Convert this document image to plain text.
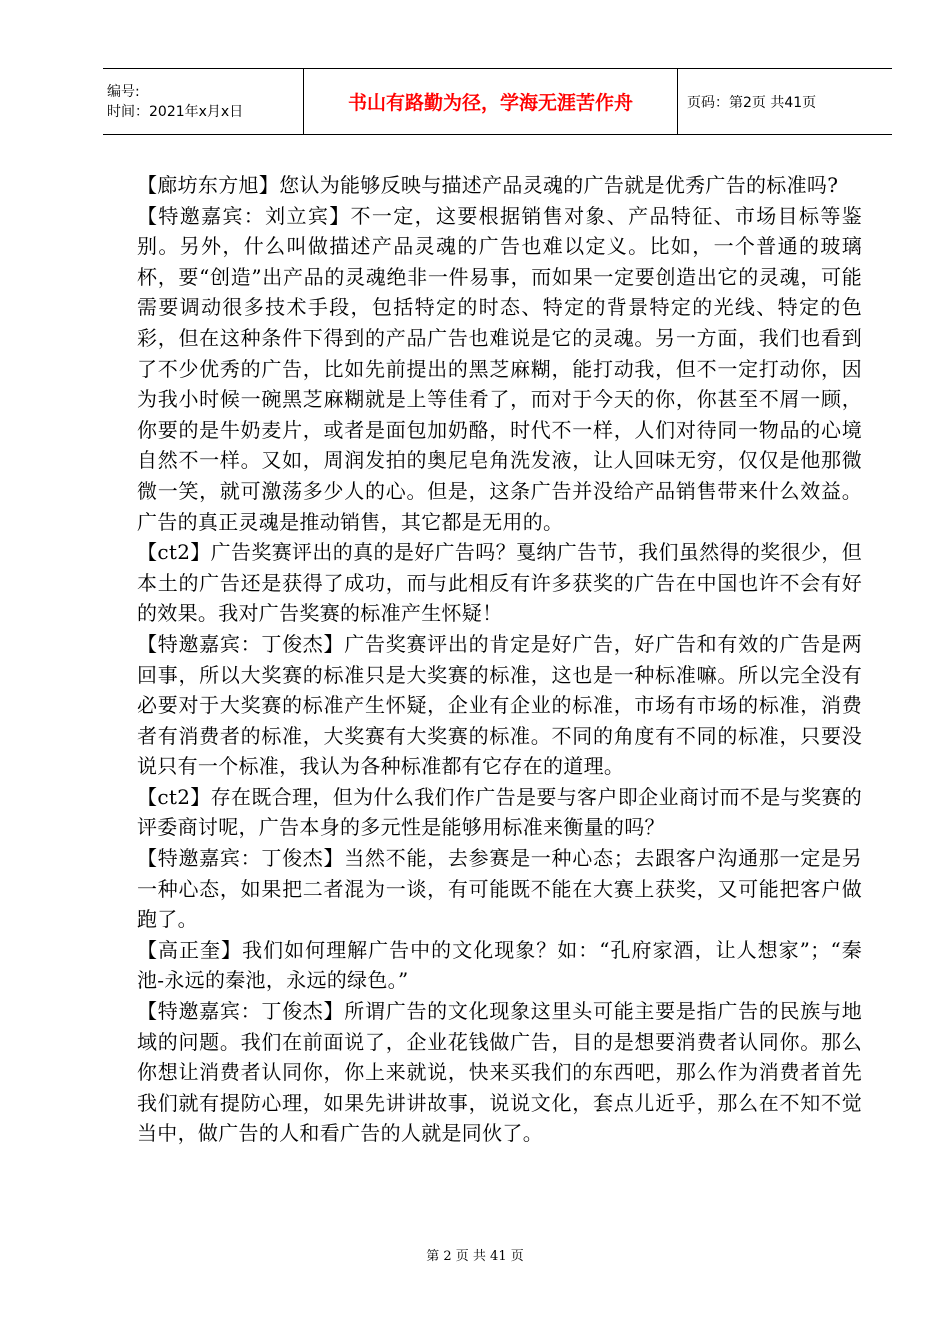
编号:
时间：2021年x月x日	书山有路勤为径，学海无涯苦作舟	页码：第2页 共41页

【廊坊东方旭】您认为能够反映与描述产品灵魂的广告就是优秀广告的标准吗?

【特邀嘉宾：刘立宾】不一定，这要根据销售对象、产品特征、市场目标等鉴别。另外，什么叫做描述产品灵魂的广告也难以定义。比如，一个普通的玻璃杯，要“创造”出产品的灵魂绝非一件易事，而如果一定要创造出它的灵魂，可能需要调动很多技术手段，包括特定的时态、特定的背景特定的光线、特定的色彩，但在这种条件下得到的产品广告也难说是它的灵魂。另一方面，我们也看到了不少优秀的广告，比如先前提出的黑芝麻糊，能打动我，但不一定打动你，因为我小时候一碗黑芝麻糊就是上等佳肴了，而对于今天的你，你甚至不屑一顾，你要的是牛奶麦片，或者是面包加奶酪，时代不一样，人们对待同一物品的心境自然不一样。又如，周润发拍的奥尼皂角洗发液，让人回味无穷，仅仅是他那微微一笑，就可激荡多少人的心。但是，这条广告并没给产品销售带来什么效益。广告的真正灵魂是推动销售，其它都是无用的。

【ct2】广告奖赛评出的真的是好广告吗？戛纳广告节，我们虽然得的奖很少，但本土的广告还是获得了成功，而与此相反有许多获奖的广告在中国也许不会有好的效果。我对广告奖赛的标准产生怀疑！

【特邀嘉宾：丁俊杰】广告奖赛评出的肯定是好广告，好广告和有效的广告是两回事，所以大奖赛的标准只是大奖赛的标准，这也是一种标准嘛。所以完全没有必要对于大奖赛的标准产生怀疑，企业有企业的标准，市场有市场的标准，消费者有消费者的标准，大奖赛有大奖赛的标准。不同的角度有不同的标准，只要没说只有一个标准，我认为各种标准都有它存在的道理。

【ct2】存在既合理，但为什么我们作广告是要与客户即企业商讨而不是与奖赛的评委商讨呢，广告本身的多元性是能够用标准来衡量的吗？

【特邀嘉宾：丁俊杰】当然不能，去参赛是一种心态；去跟客户沟通那一定是另一种心态，如果把二者混为一谈，有可能既不能在大赛上获奖，又可能把客户做跑了。

【高正奎】我们如何理解广告中的文化现象？如：“孔府家酒，让人想家”；“秦池-永远的秦池，永远的绿色。”

【特邀嘉宾：丁俊杰】所谓广告的文化现象这里头可能主要是指广告的民族与地域的问题。我们在前面说了，企业花钱做广告，目的是想要消费者认同你。那么你想让消费者认同你，你上来就说，快来买我们的东西吧，那么作为消费者首先我们就有提防心理，如果先讲讲故事，说说文化，套点儿近乎，那么在不知不觉当中，做广告的人和看广告的人就是同伙了。

第 2 页 共 41 页
